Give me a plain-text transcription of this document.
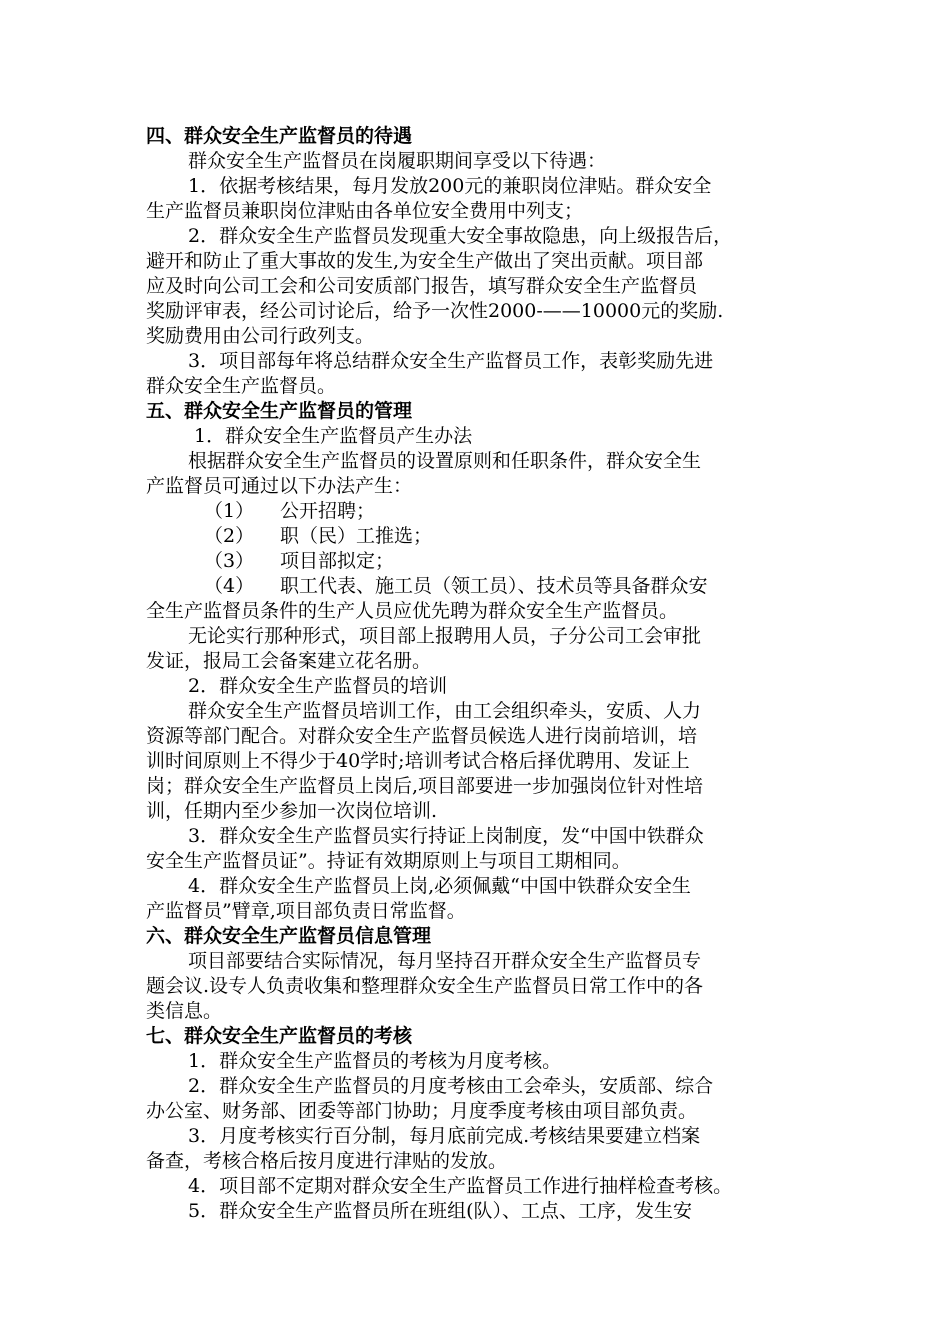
四、群众安全生产监督员的待遇
群众安全生产监督员在岗履职期间享受以下待遇：
1．依据考核结果，每月发放200元的兼职岗位津贴。群众安全
生产监督员兼职岗位津贴由各单位安全费用中列支；
2．群众安全生产监督员发现重大安全事故隐患，向上级报告后，
避开和防止了重大事故的发生,为安全生产做出了突出贡献。项目部
应及时向公司工会和公司安质部门报告，填写群众安全生产监督员
奖励评审表，经公司讨论后，给予一次性2000-——10000元的奖励.
奖励费用由公司行政列支。
3．项目部每年将总结群众安全生产监督员工作，表彰奖励先进
群众安全生产监督员。
五、群众安全生产监督员的管理
1．群众安全生产监督员产生办法
根据群众安全生产监督员的设置原则和任职条件，群众安全生
产监督员可通过以下办法产生：
（1） 公开招聘；
（2） 职（民）工推选；
（3） 项目部拟定；
（4） 职工代表、施工员（领工员）、技术员等具备群众安
全生产监督员条件的生产人员应优先聘为群众安全生产监督员。
无论实行那种形式，项目部上报聘用人员，子分公司工会审批
发证，报局工会备案建立花名册。
2．群众安全生产监督员的培训
群众安全生产监督员培训工作，由工会组织牵头，安质、人力
资源等部门配合。对群众安全生产监督员候选人进行岗前培训，培
训时间原则上不得少于40学时;培训考试合格后择优聘用、发证上
岗；群众安全生产监督员上岗后,项目部要进一步加强岗位针对性培
训，任期内至少参加一次岗位培训.
3．群众安全生产监督员实行持证上岗制度，发“中国中铁群众
安全生产监督员证”。持证有效期原则上与项目工期相同。
4．群众安全生产监督员上岗,必须佩戴“中国中铁群众安全生
产监督员”臂章,项目部负责日常监督。
六、群众安全生产监督员信息管理
项目部要结合实际情况，每月坚持召开群众安全生产监督员专
题会议.设专人负责收集和整理群众安全生产监督员日常工作中的各
类信息。
七、群众安全生产监督员的考核
1．群众安全生产监督员的考核为月度考核。
2．群众安全生产监督员的月度考核由工会牵头，安质部、综合
办公室、财务部、团委等部门协助；月度季度考核由项目部负责。
3．月度考核实行百分制，每月底前完成.考核结果要建立档案
备查，考核合格后按月度进行津贴的发放。
4．项目部不定期对群众安全生产监督员工作进行抽样检查考核。
5．群众安全生产监督员所在班组(队）、工点、工序，发生安
